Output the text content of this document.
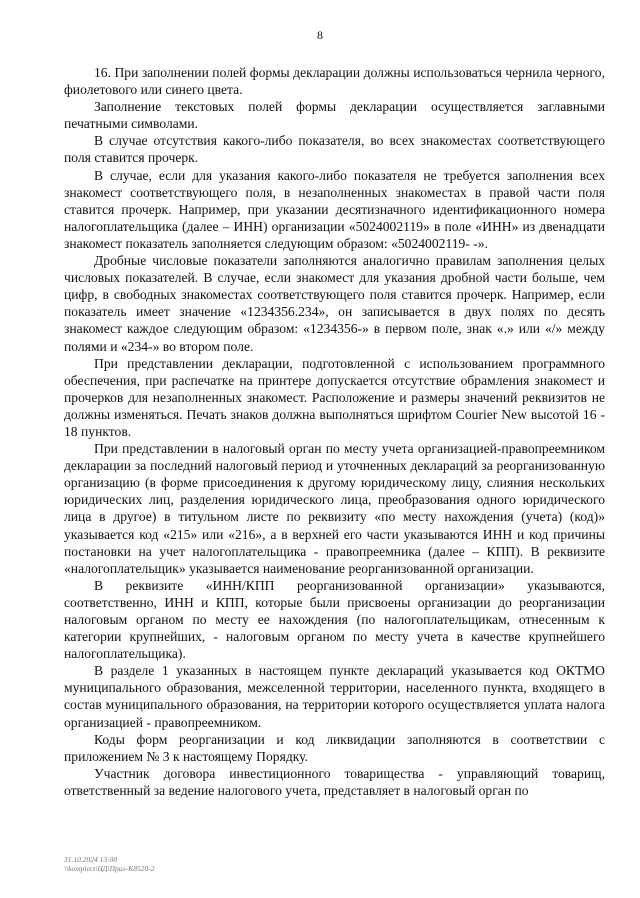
8

16. При заполнении полей формы декларации должны использоваться чернила черного, фиолетового или синего цвета.

Заполнение текстовых полей формы декларации осуществляется заглавными печатными символами.

В случае отсутствия какого-либо показателя, во всех знакоместах соответствующего поля ставится прочерк.

В случае, если для указания какого-либо показателя не требуется заполнения всех знакомест соответствующего поля, в незаполненных знакоместах в правой части поля ставится прочерк. Например, при указании десятизначного идентификационного номера налогоплательщика (далее – ИНН) организации «5024002119» в поле «ИНН» из двенадцати знакомест показатель заполняется следующим образом: «5024002119- -».

Дробные числовые показатели заполняются аналогично правилам заполнения целых числовых показателей. В случае, если знакомест для указания дробной части больше, чем цифр, в свободных знакоместах соответствующего поля ставится прочерк. Например, если показатель имеет значение «1234356.234», он записывается в двух полях по десять знакомест каждое следующим образом: «1234356-» в первом поле, знак «.» или «/» между полями и «234-» во втором поле.

При представлении декларации, подготовленной с использованием программного обеспечения, при распечатке на принтере допускается отсутствие обрамления знакомест и прочерков для незаполненных знакомест. Расположение и размеры значений реквизитов не должны изменяться. Печать знаков должна выполняться шрифтом Courier New высотой 16 - 18 пунктов.

При представлении в налоговый орган по месту учета организацией-правопреемником декларации за последний налоговый период и уточненных деклараций за реорганизованную организацию (в форме присоединения к другому юридическому лицу, слияния нескольких юридических лиц, разделения юридического лица, преобразования одного юридического лица в другое) в титульном листе по реквизиту «по месту нахождения (учета) (код)» указывается код «215» или «216», а в верхней его части указываются ИНН и код причины постановки на учет налогоплательщика - правопреемника (далее – КПП). В реквизите «налогоплательщик» указывается наименование реорганизованной организации.

В реквизите «ИНН/КПП реорганизованной организации» указываются, соответственно, ИНН и КПП, которые были присвоены организации до реорганизации налоговым органом по месту ее нахождения (по налогоплательщикам, отнесенным к категории крупнейших, - налоговым органом по месту учета в качестве крупнейшего налогоплательщика).

В разделе 1 указанных в настоящем пункте деклараций указывается код ОКТМО муниципального образования, межселенной территории, населенного пункта, входящего в состав муниципального образования, на территории которого осуществляется уплата налога организацией - правопреемником.

Коды форм реорганизации и код ликвидации заполняются в соответствии с приложением № 3 к настоящему Порядку.

Участник договора инвестиционного товарищества - управляющий товарищ, ответственный за ведение налогового учета, представляет в налоговый орган по

31.10.2024 13:00
\\komplect\НД\Прил-К8520-2
